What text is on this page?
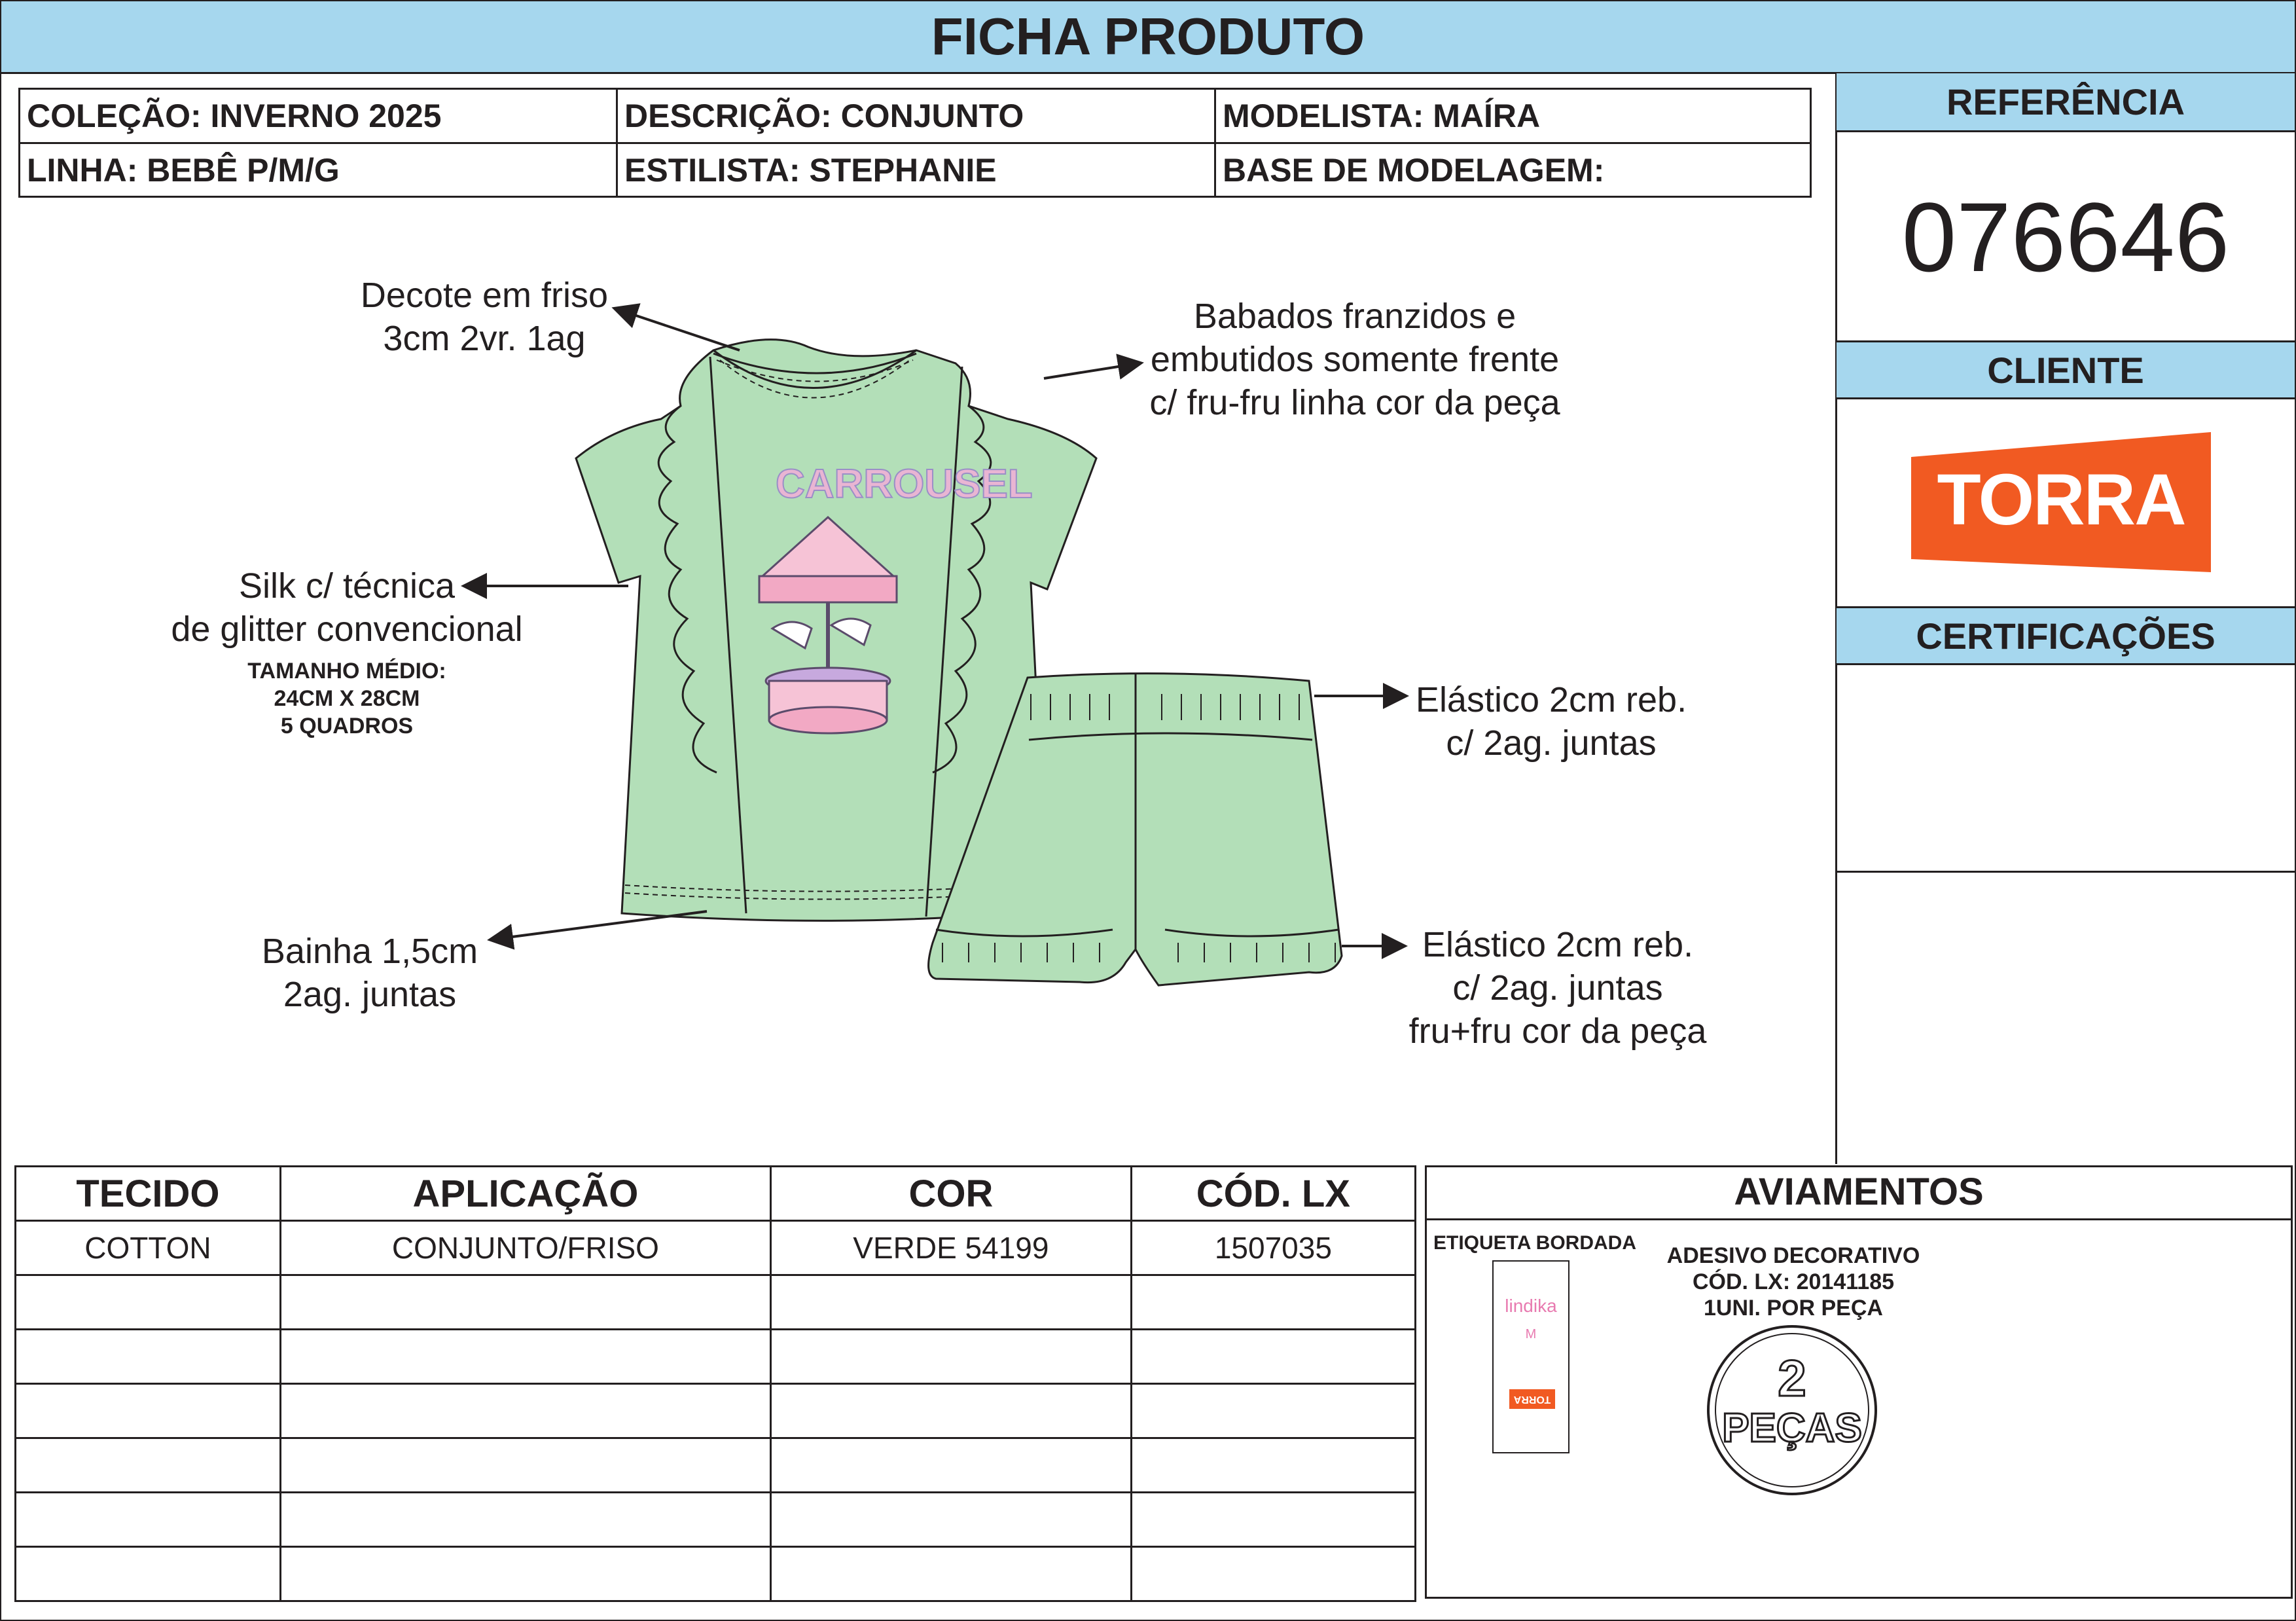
FICHA PRODUTO
COLEÇÃO: INVERNO 2025	DESCRIÇÃO: CONJUNTO	MODELISTA: MAÍRA
LINHA: BEBÊ P/M/G	ESTILISTA: STEPHANIE	BASE DE MODELAGEM:
REFERÊNCIA
076646
CLIENTE
TORRA
CERTIFICAÇÕES
CARROUSEL
Decote em friso
3cm 2vr. 1ag
Babados franzidos e
embutidos somente frente
c/ fru-fru linha cor da peça
Silk c/ técnica
de glitter convencional
TAMANHO MÉDIO:
24CM X 28CM
5 QUADROS
Bainha 1,5cm
2ag. juntas
Elástico 2cm reb.
c/ 2ag. juntas
Elástico 2cm reb.
c/ 2ag. juntas
fru+fru cor da peça
TECIDO	APLICAÇÃO	COR	CÓD. LX
COTTON	CONJUNTO/FRISO	VERDE 54199	1507035

AVIAMENTOS
ETIQUETA BORDADA
lindika
M
TORRA
ADESIVO DECORATIVO
CÓD. LX: 20141185
1UNI. POR PEÇA
2
PEÇAS
